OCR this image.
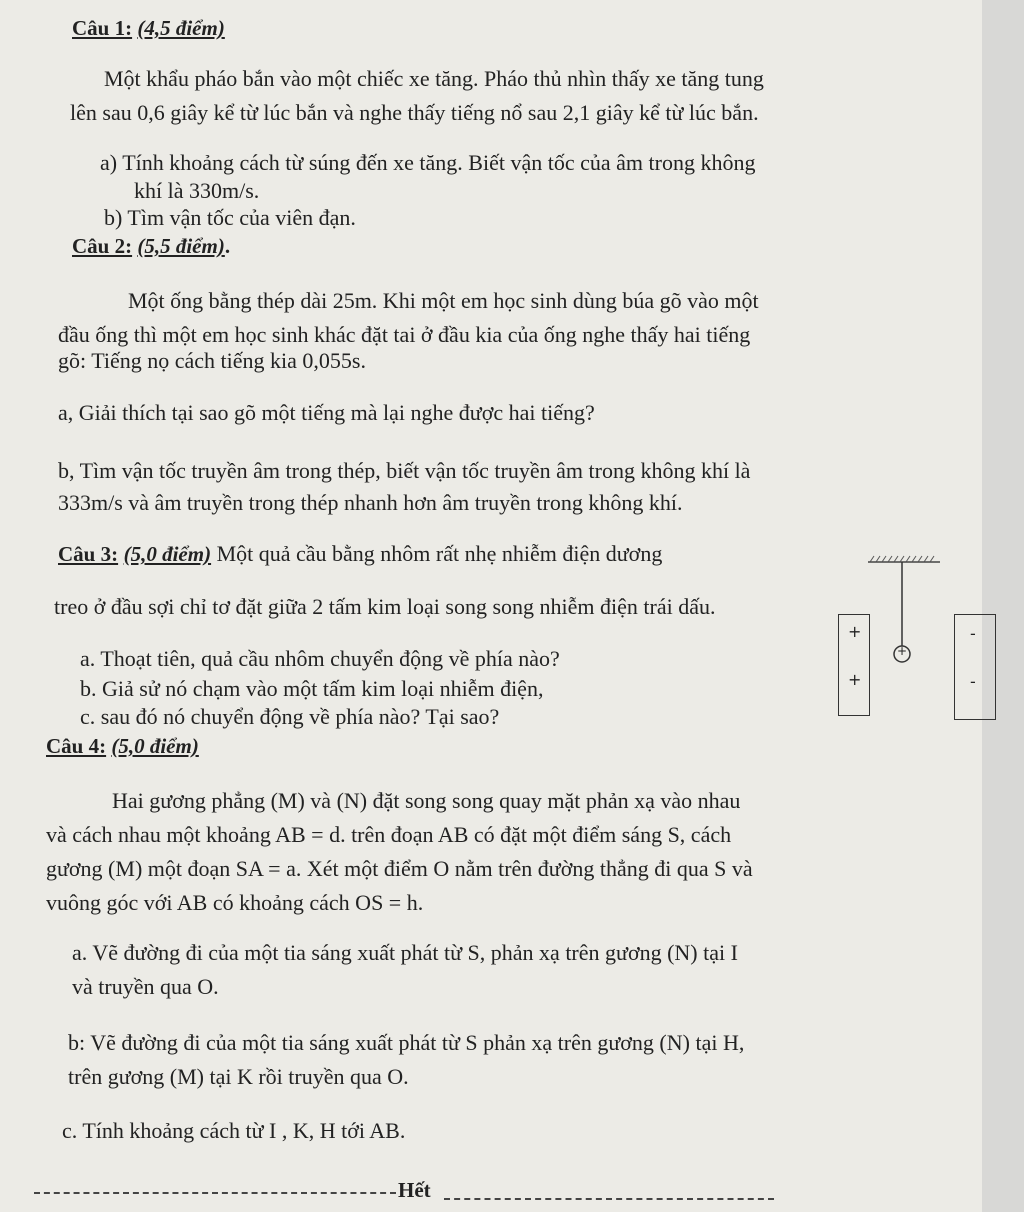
Câu 1: (4,5 điểm)
Một khẩu pháo bắn vào một chiếc xe tăng. Pháo thủ nhìn thấy xe tăng tung
lên sau 0,6 giây kể từ lúc bắn và nghe thấy tiếng nổ sau 2,1 giây kể từ lúc bắn.
a) Tính khoảng cách từ súng đến xe tăng. Biết vận tốc của âm trong không
khí là 330m/s.
b) Tìm vận tốc của viên đạn.
Câu 2: (5,5 điểm).
Một ống bằng thép dài 25m. Khi một em học sinh dùng búa gõ vào một
đầu ống thì một em học sinh khác đặt tai ở đầu kia của ống nghe thấy hai tiếng
gõ: Tiếng nọ cách tiếng kia 0,055s.
a, Giải thích tại sao gõ một tiếng mà lại nghe được hai tiếng?
b, Tìm vận tốc truyền âm trong thép, biết vận tốc truyền âm trong không khí là
333m/s và âm truyền trong thép nhanh hơn âm truyền trong không khí.
Câu 3: (5,0 điểm) Một quả cầu bằng nhôm rất nhẹ nhiễm điện dương
treo ở đầu sợi chỉ tơ đặt giữa 2 tấm kim loại song song nhiễm điện trái dấu.
a. Thoạt tiên, quả cầu nhôm chuyển động về phía nào?
b. Giả sử nó chạm vào một tấm kim loại nhiễm điện,
c. sau đó nó chuyển động về phía nào? Tại sao?
+
+
+
-
-
Câu 4: (5,0 điểm)
Hai gương phẳng (M) và (N) đặt song song quay mặt phản xạ vào nhau
và cách nhau một khoảng AB = d. trên đoạn AB có đặt một điểm sáng S, cách
gương (M) một đoạn SA = a. Xét một điểm O nằm trên đường thẳng đi qua S và
vuông góc với AB có khoảng cách OS = h.
a. Vẽ đường đi của một tia sáng xuất phát từ S, phản xạ trên gương (N) tại I
và truyền qua O.
b: Vẽ đường đi của một tia sáng xuất phát từ S phản xạ trên gương (N) tại H,
trên gương (M) tại K rồi truyền qua O.
c. Tính khoảng cách từ I , K, H tới AB.
Hết
